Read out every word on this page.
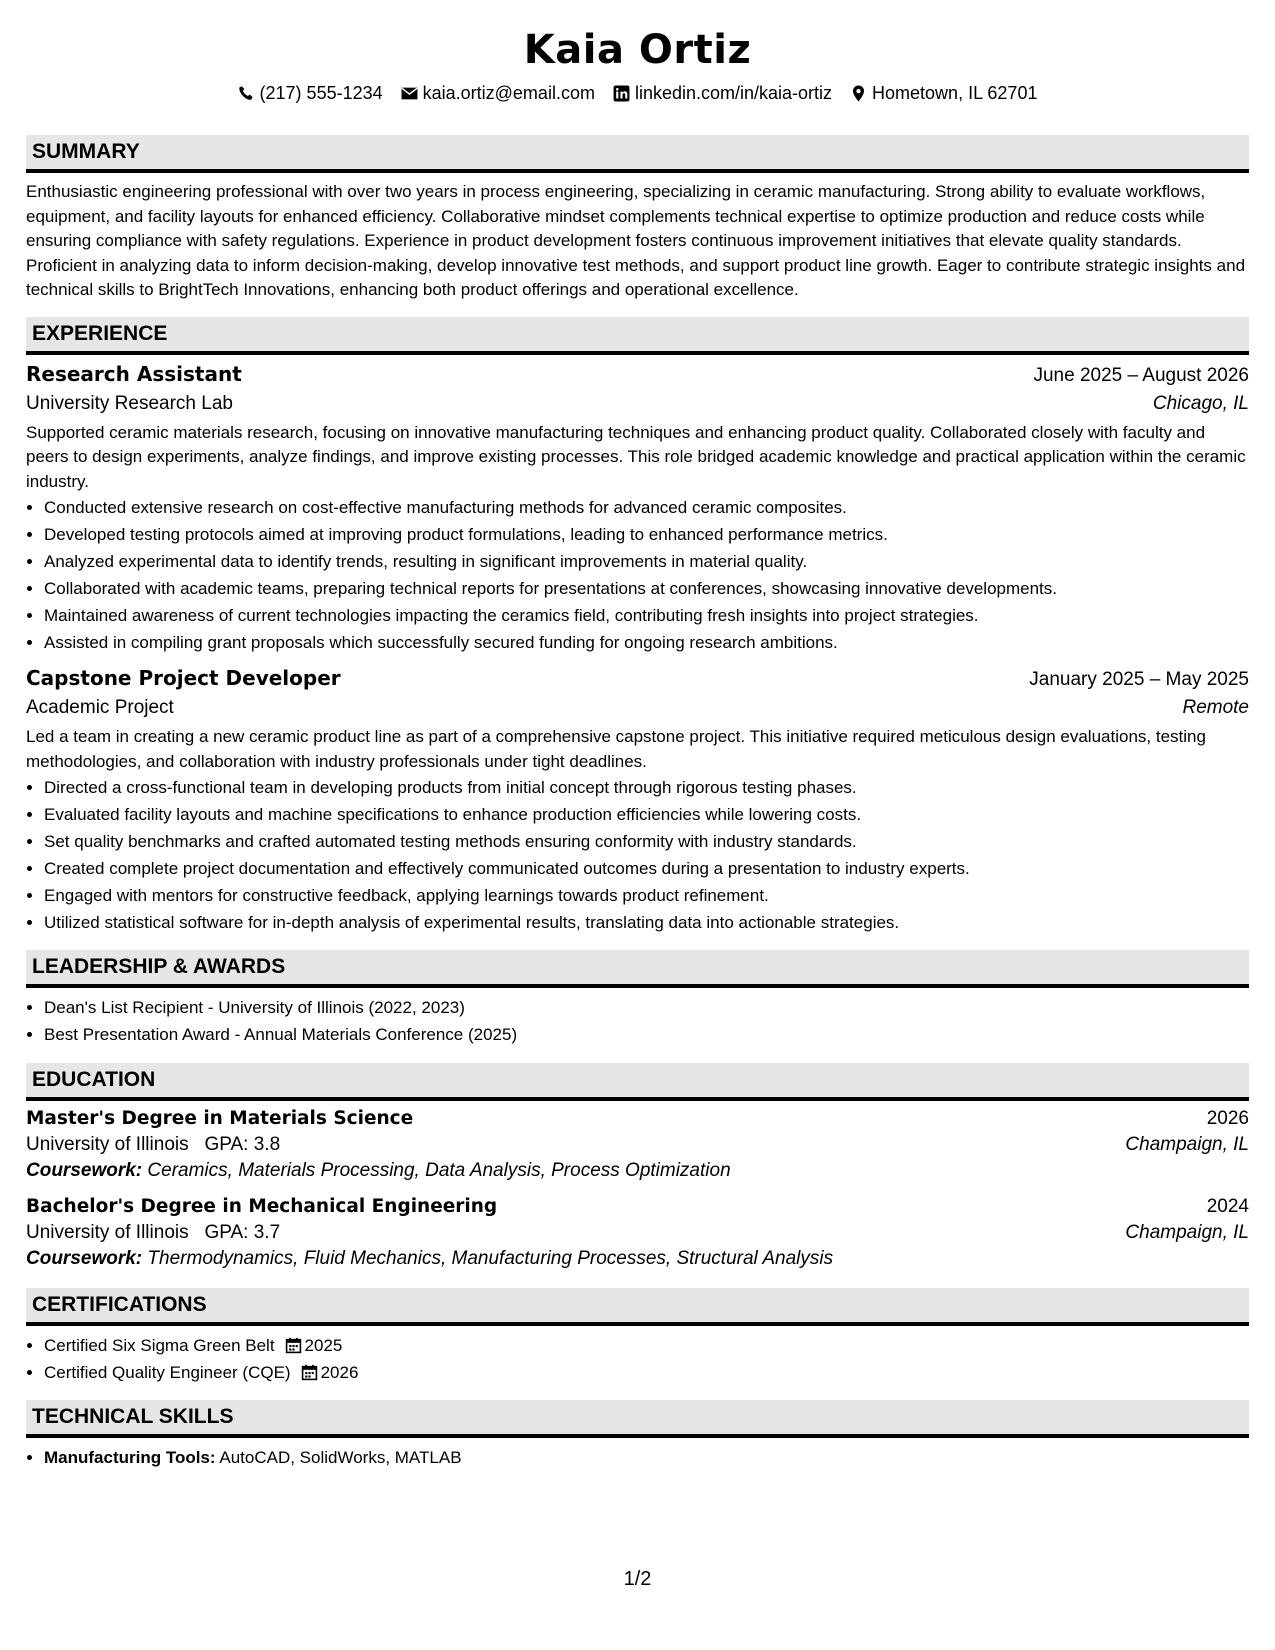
Kaia Ortiz
(217) 555-1234 kaia.ortiz@email.com linkedin.com/in/kaia-ortiz Hometown, IL 62701
SUMMARY

Enthusiastic engineering professional with over two years in process engineering, specializing in ceramic manufacturing. Strong ability to evaluate workflows, equipment, and facility layouts for enhanced efficiency. Collaborative mindset complements technical expertise to optimize production and reduce costs while ensuring compliance with safety regulations. Experience in product development fosters continuous improvement initiatives that elevate quality standards. Proficient in analyzing data to inform decision-making, develop innovative test methods, and support product line growth. Eager to contribute strategic insights and technical skills to BrightTech Innovations, enhancing both product offerings and operational excellence.

EXPERIENCE
Research Assistant	June 2025 – August 2026
University Research Lab	Chicago, IL

Supported ceramic materials research, focusing on innovative manufacturing techniques and enhancing product quality. Collaborated closely with faculty and peers to design experiments, analyze findings, and improve existing processes. This role bridged academic knowledge and practical application within the ceramic industry.

• Conducted extensive research on cost-effective manufacturing methods for advanced ceramic composites.
• Developed testing protocols aimed at improving product formulations, leading to enhanced performance metrics.
• Analyzed experimental data to identify trends, resulting in significant improvements in material quality.
• Collaborated with academic teams, preparing technical reports for presentations at conferences, showcasing innovative developments.
• Maintained awareness of current technologies impacting the ceramics field, contributing fresh insights into project strategies.
• Assisted in compiling grant proposals which successfully secured funding for ongoing research ambitions.
Capstone Project Developer	January 2025 – May 2025
Academic Project	Remote

Led a team in creating a new ceramic product line as part of a comprehensive capstone project. This initiative required meticulous design evaluations, testing methodologies, and collaboration with industry professionals under tight deadlines.

• Directed a cross-functional team in developing products from initial concept through rigorous testing phases.
• Evaluated facility layouts and machine specifications to enhance production efficiencies while lowering costs.
• Set quality benchmarks and crafted automated testing methods ensuring conformity with industry standards.
• Created complete project documentation and effectively communicated outcomes during a presentation to industry experts.
• Engaged with mentors for constructive feedback, applying learnings towards product refinement.
• Utilized statistical software for in-depth analysis of experimental results, translating data into actionable strategies.
LEADERSHIP & AWARDS
• Dean's List Recipient - University of Illinois (2022, 2023)
• Best Presentation Award - Annual Materials Conference (2025)
EDUCATION
Master's Degree in Materials Science	2026
University of Illinois GPA: 3.8	Champaign, IL
Coursework: Ceramics, Materials Processing, Data Analysis, Process Optimization
Bachelor's Degree in Mechanical Engineering	2024
University of Illinois GPA: 3.7	Champaign, IL
Coursework: Thermodynamics, Fluid Mechanics, Manufacturing Processes, Structural Analysis
CERTIFICATIONS
• Certified Six Sigma Green Belt 2025
• Certified Quality Engineer (CQE) 2026
TECHNICAL SKILLS
• Manufacturing Tools: AutoCAD, SolidWorks, MATLAB
1/2
